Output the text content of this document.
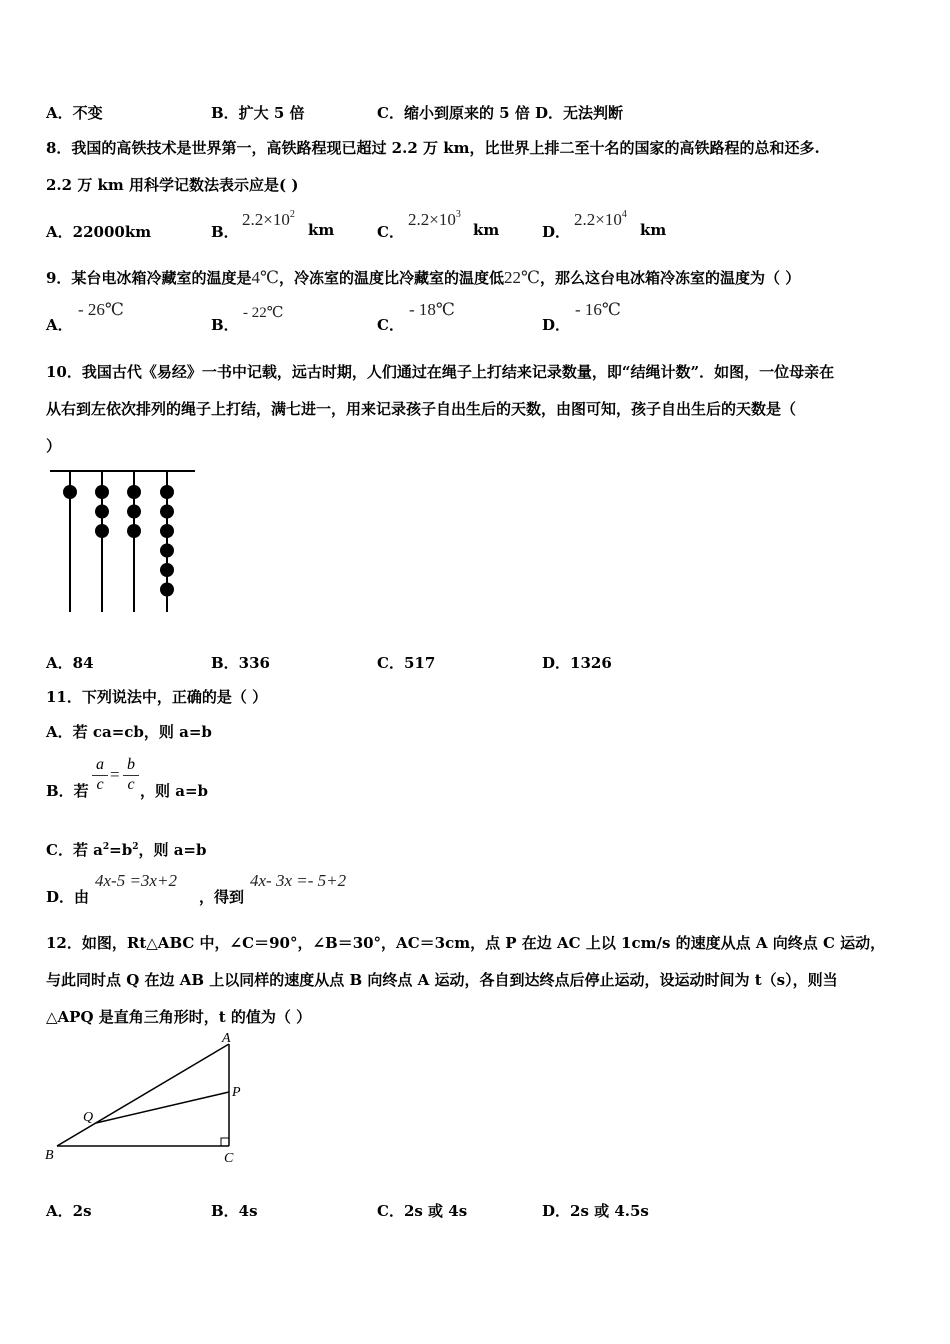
A．不变	B．扩大 5 倍	C．缩小到原来的 5 倍 D．无法判断
8．我国的高铁技术是世界第一，高铁路程现已超过 2.2 万 km，比世界上排二至十名的国家的高铁路程的总和还多.
2.2 万 km 用科学记数法表示应是( )
A．22000km	B．
$2.2\times 10^2$
km	C．
$2.2\times 10^3$
km	D．
$2.2\times 10^4$
km
9．某台电冰箱冷藏室的温度是4℃，冷冻室的温度比冷藏室的温度低22℃，那么这台电冰箱冷冻室的温度为（ ）
A．
- 26℃
B．
- 22℃
C．
- 18℃
D．
- 16℃
10．我国古代《易经》一书中记载，远古时期，人们通过在绳子上打结来记录数量，即“结绳计数”．如图，一位母亲在
从右到左依次排列的绳子上打结，满七进一，用来记录孩子自出生后的天数，由图可知，孩子自出生后的天数是（
）
A．84	B．336	C．517	D．1326
11．下列说法中，正确的是（ ）
A．若 ca=cb，则 a=b
B．若 $\frac{a}{c} = \frac{b}{c}$ ，则 a=b
C．若 $a^2=b^2$，则 a=b
D．由
4x-5 =3x+2
，得到
4x- 3x =- 5+2
12．如图，Rt△ABC 中，∠C＝90°，∠B＝30°，AC＝3cm，点 P 在边 AC 上以 1cm/s 的速度从点 A 向终点 C 运动，
与此同时点 Q 在边 AB 上以同样的速度从点 B 向终点 A 运动，各自到达终点后停止运动，设运动时间为 t（s），则当
△APQ 是直角三角形时，t 的值为（ ）
A
B	C
P
Q
A．2s	B．4s	C．2s 或 4s	D．2s 或 4.5s
